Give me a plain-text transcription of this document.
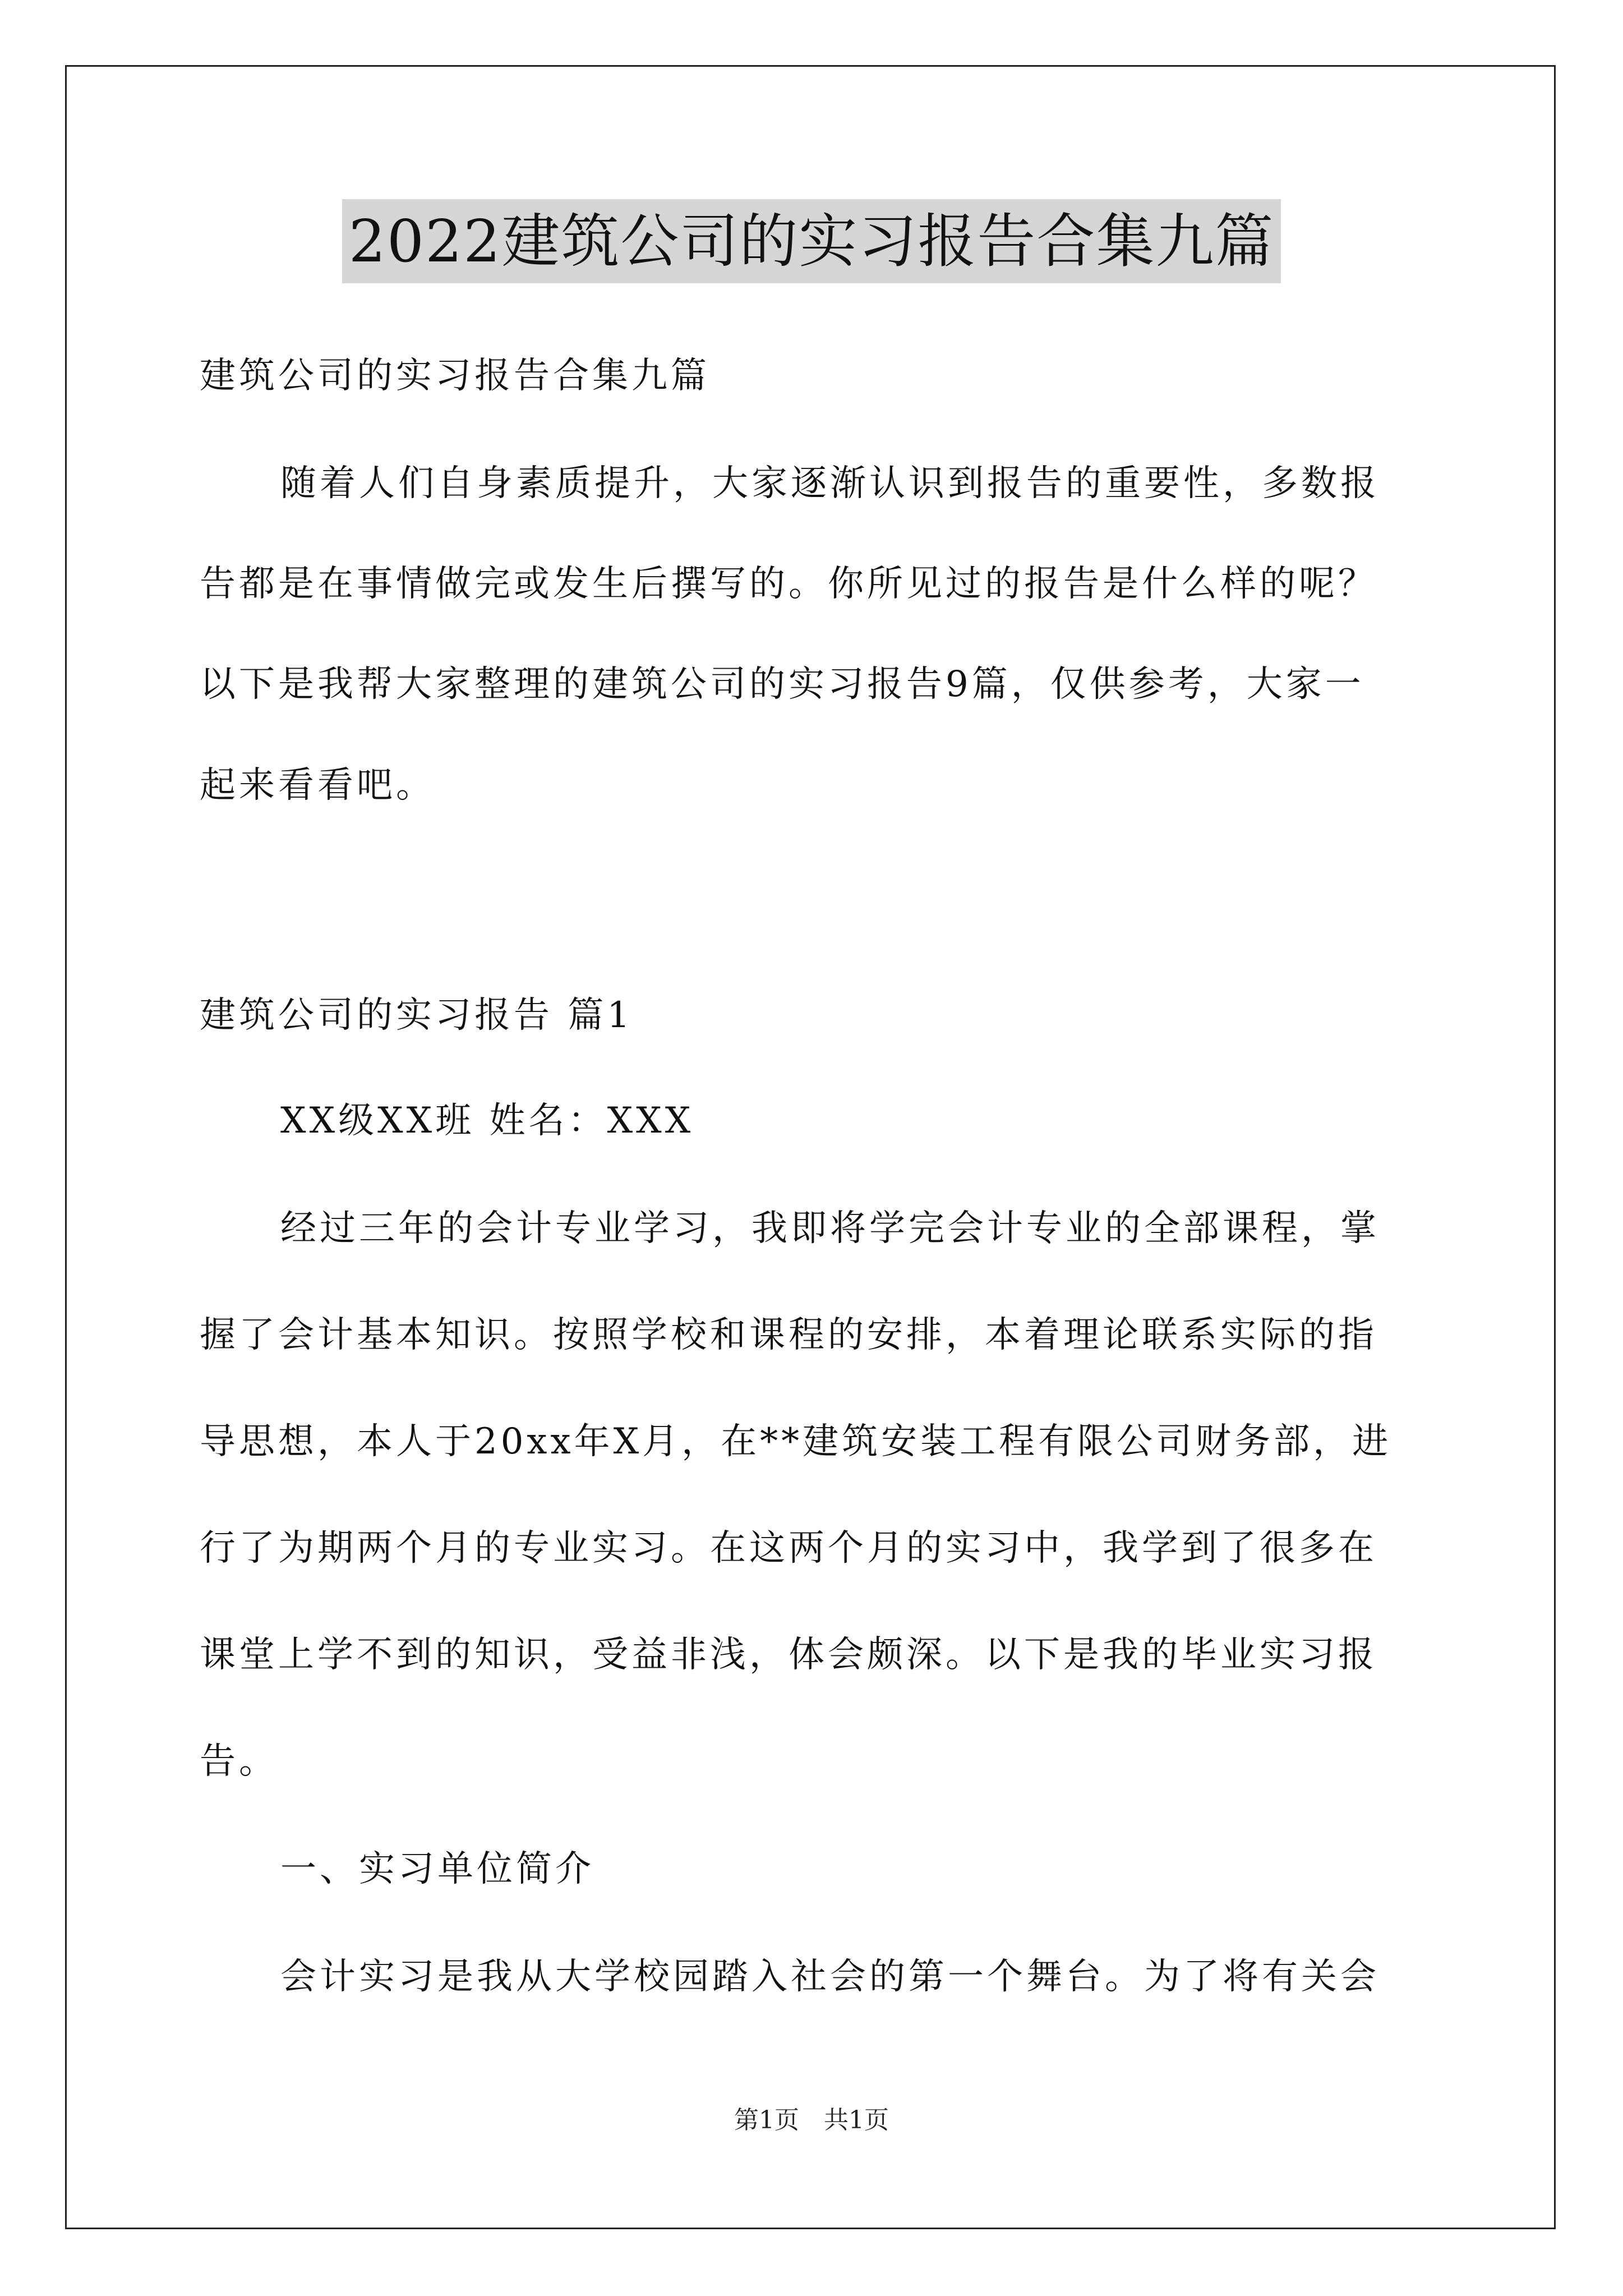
2022建筑公司的实习报告合集九篇
建筑公司的实习报告合集九篇
随着人们自身素质提升，大家逐渐认识到报告的重要性，多数报
告都是在事情做完或发生后撰写的。你所见过的报告是什么样的呢？
以下是我帮大家整理的建筑公司的实习报告9篇，仅供参考，大家一
起来看看吧。
建筑公司的实习报告 篇1
XX级XX班 姓名：XXX
经过三年的会计专业学习，我即将学完会计专业的全部课程，掌
握了会计基本知识。按照学校和课程的安排，本着理论联系实际的指
导思想，本人于20xx年X月，在**建筑安装工程有限公司财务部，进
行了为期两个月的专业实习。在这两个月的实习中，我学到了很多在
课堂上学不到的知识，受益非浅，体会颇深。以下是我的毕业实习报
告。
一、实习单位简介
会计实习是我从大学校园踏入社会的第一个舞台。为了将有关会
第1页　共1页
